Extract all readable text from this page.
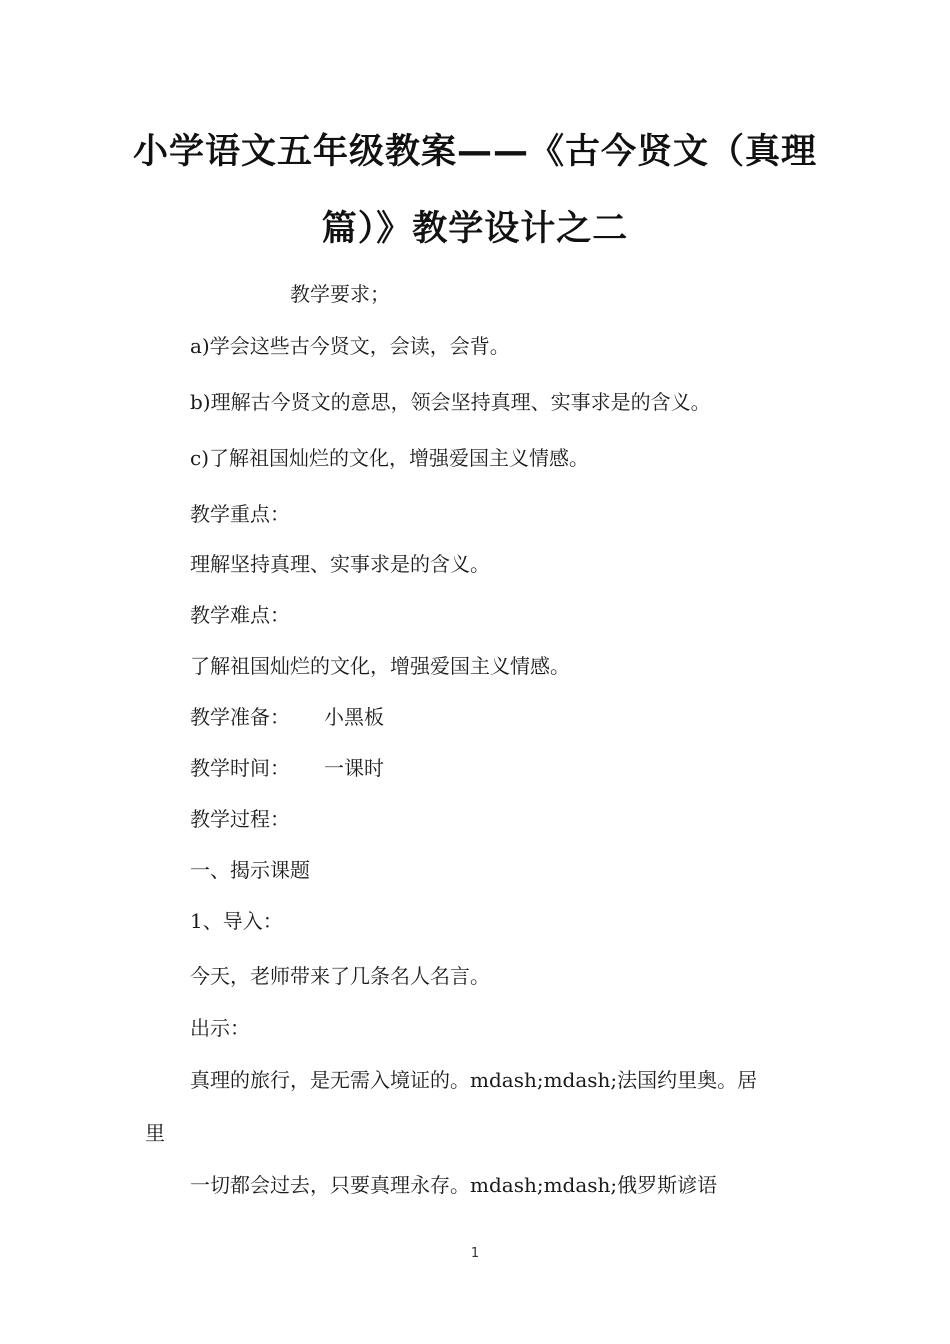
小学语文五年级教案——《古今贤文（真理
篇）》教学设计之二
教学要求；
a)学会这些古今贤文，会读，会背。
b)理解古今贤文的意思，领会坚持真理、实事求是的含义。
c)了解祖国灿烂的文化，增强爱国主义情感。
教学重点：
理解坚持真理、实事求是的含义。
教学难点：
了解祖国灿烂的文化，增强爱国主义情感。
教学准备： 小黑板
教学时间： 一课时
教学过程：
一、揭示课题
1、导入：
今天，老师带来了几条名人名言。
出示：
真理的旅行，是无需入境证的。mdash;mdash;法国约里奥。居
里
一切都会过去，只要真理永存。mdash;mdash;俄罗斯谚语
1
